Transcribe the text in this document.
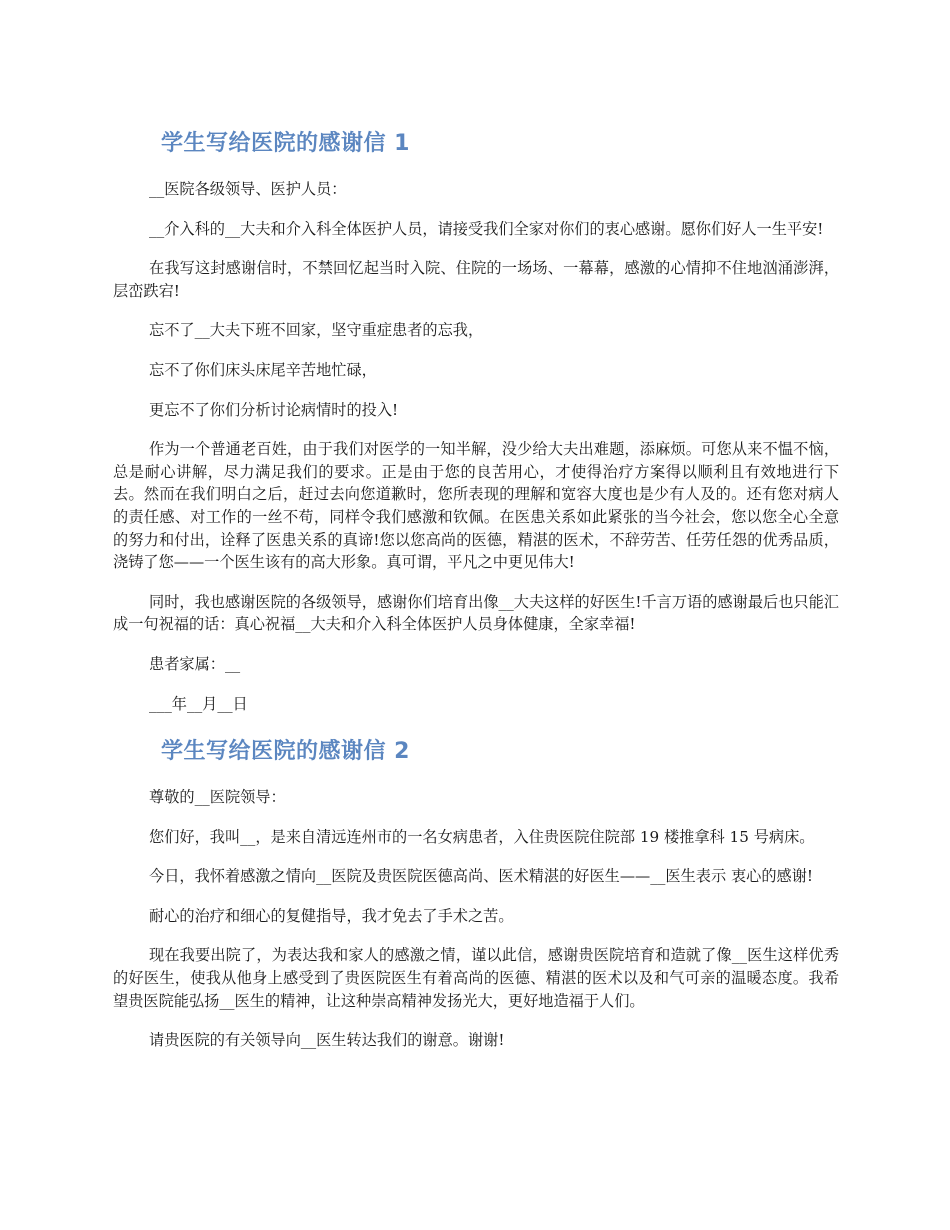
学生写给医院的感谢信 1

__医院各级领导、医护人员：

__介入科的__大夫和介入科全体医护人员，请接受我们全家对你们的衷心感谢。愿你们好人一生平安!

在我写这封感谢信时，不禁回忆起当时入院、住院的一场场、一幕幕，感激的心情抑不住地汹涌澎湃，层峦跌宕!

忘不了__大夫下班不回家，坚守重症患者的忘我，

忘不了你们床头床尾辛苦地忙碌，

更忘不了你们分析讨论病情时的投入!

作为一个普通老百姓，由于我们对医学的一知半解，没少给大夫出难题，添麻烦。可您从来不愠不恼，总是耐心讲解，尽力满足我们的要求。正是由于您的良苦用心，才使得治疗方案得以顺利且有效地进行下去。然而在我们明白之后，赶过去向您道歉时，您所表现的理解和宽容大度也是少有人及的。还有您对病人的责任感、对工作的一丝不苟，同样令我们感激和钦佩。在医患关系如此紧张的当今社会，您以您全心全意的努力和付出，诠释了医患关系的真谛!您以您高尚的医德，精湛的医术，不辞劳苦、任劳任怨的优秀品质，浇铸了您——一个医生该有的高大形象。真可谓，平凡之中更见伟大!

同时，我也感谢医院的各级领导，感谢你们培育出像__大夫这样的好医生!千言万语的感谢最后也只能汇成一句祝福的话：真心祝福__大夫和介入科全体医护人员身体健康，全家幸福!

患者家属：__

___年__月__日

学生写给医院的感谢信 2

尊敬的__医院领导：

您们好，我叫__，是来自清远连州市的一名女病患者，入住贵医院住院部 19 楼推拿科 15 号病床。

今日，我怀着感激之情向__医院及贵医院医德高尚、医术精湛的好医生——__医生表示 衷心的感谢!

耐心的治疗和细心的复健指导，我才免去了手术之苦。

现在我要出院了，为表达我和家人的感激之情，谨以此信，感谢贵医院培育和造就了像__医生这样优秀的好医生，使我从他身上感受到了贵医院医生有着高尚的医德、精湛的医术以及和气可亲的温暖态度。我希望贵医院能弘扬__医生的精神，让这种崇高精神发扬光大，更好地造福于人们。

请贵医院的有关领导向__医生转达我们的谢意。谢谢!
